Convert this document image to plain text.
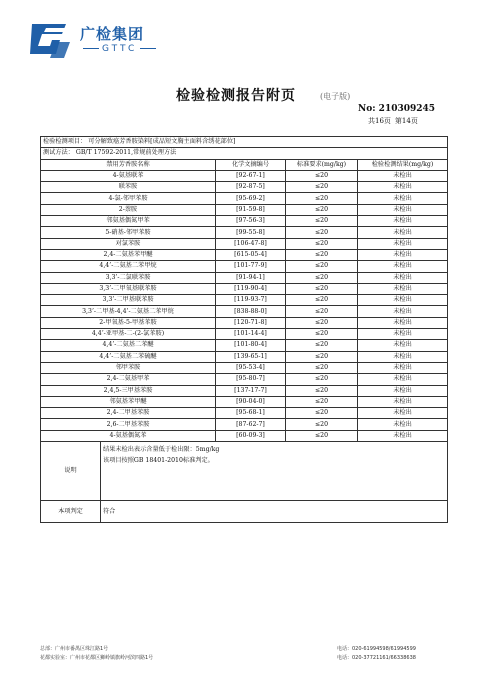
广检集团
GTTC
检验检测报告附页	(电子版)
No: 210309245
共16页 第14页
检验检测项目： 可分解致癌芳香胺染料[成品短文胸主面料含绣花部位]				
测试方法： GB/T 17592-2011,常规前处理方法				
禁用芳香胺名称		化学文摘编号	标准要求(mg/kg)	检验检测结果(mg/kg)
4-氨基联苯		[92-67-1]	≤20	未检出
联苯胺		[92-87-5]	≤20	未检出
4-氯-邻甲苯胺		[95-69-2]	≤20	未检出
2-萘胺		[91-59-8]	≤20	未检出
邻氨基偶氮甲苯		[97-56-3]	≤20	未检出
5-硝基-邻甲苯胺		[99-55-8]	≤20	未检出
对氯苯胺		[106-47-8]	≤20	未检出
2,4-二氨基苯甲醚		[615-05-4]	≤20	未检出
4,4’-二氨基二苯甲烷		[101-77-9]	≤20	未检出
3,3’-二氯联苯胺		[91-94-1]	≤20	未检出
3,3’-二甲氧基联苯胺		[119-90-4]	≤20	未检出
3,3’-二甲基联苯胺		[119-93-7]	≤20	未检出
3,3’-二甲基-4,4’-二氨基二苯甲烷		[838-88-0]	≤20	未检出
2-甲氧基-5-甲基苯胺		[120-71-8]	≤20	未检出
4,4’-亚甲基-二-(2-氯苯胺)		[101-14-4]	≤20	未检出
4,4’-二氨基二苯醚		[101-80-4]	≤20	未检出
4,4’-二氨基二苯硫醚		[139-65-1]	≤20	未检出
邻甲苯胺		[95-53-4]	≤20	未检出
2,4-二氨基甲苯		[95-80-7]	≤20	未检出
2,4,5-三甲基苯胺		[137-17-7]	≤20	未检出
邻氨基苯甲醚		[90-04-0]	≤20	未检出
2,4-二甲基苯胺		[95-68-1]	≤20	未检出
2,6-二甲基苯胺		[87-62-7]	≤20	未检出
4-氨基偶氮苯		[60-09-3]	≤20	未检出
说明	结果未检出表示含量低于检出限：5mg/kg
该项目按照GB 18401-2010标准判定。			

本项判定	符合			
总部：广州市番禺区珠江路1号	电话：020-61994598/61994599
花都实验室：广州市花都区狮岭镇旗岭河滨四路1号	电话：020-37721161/66338638
